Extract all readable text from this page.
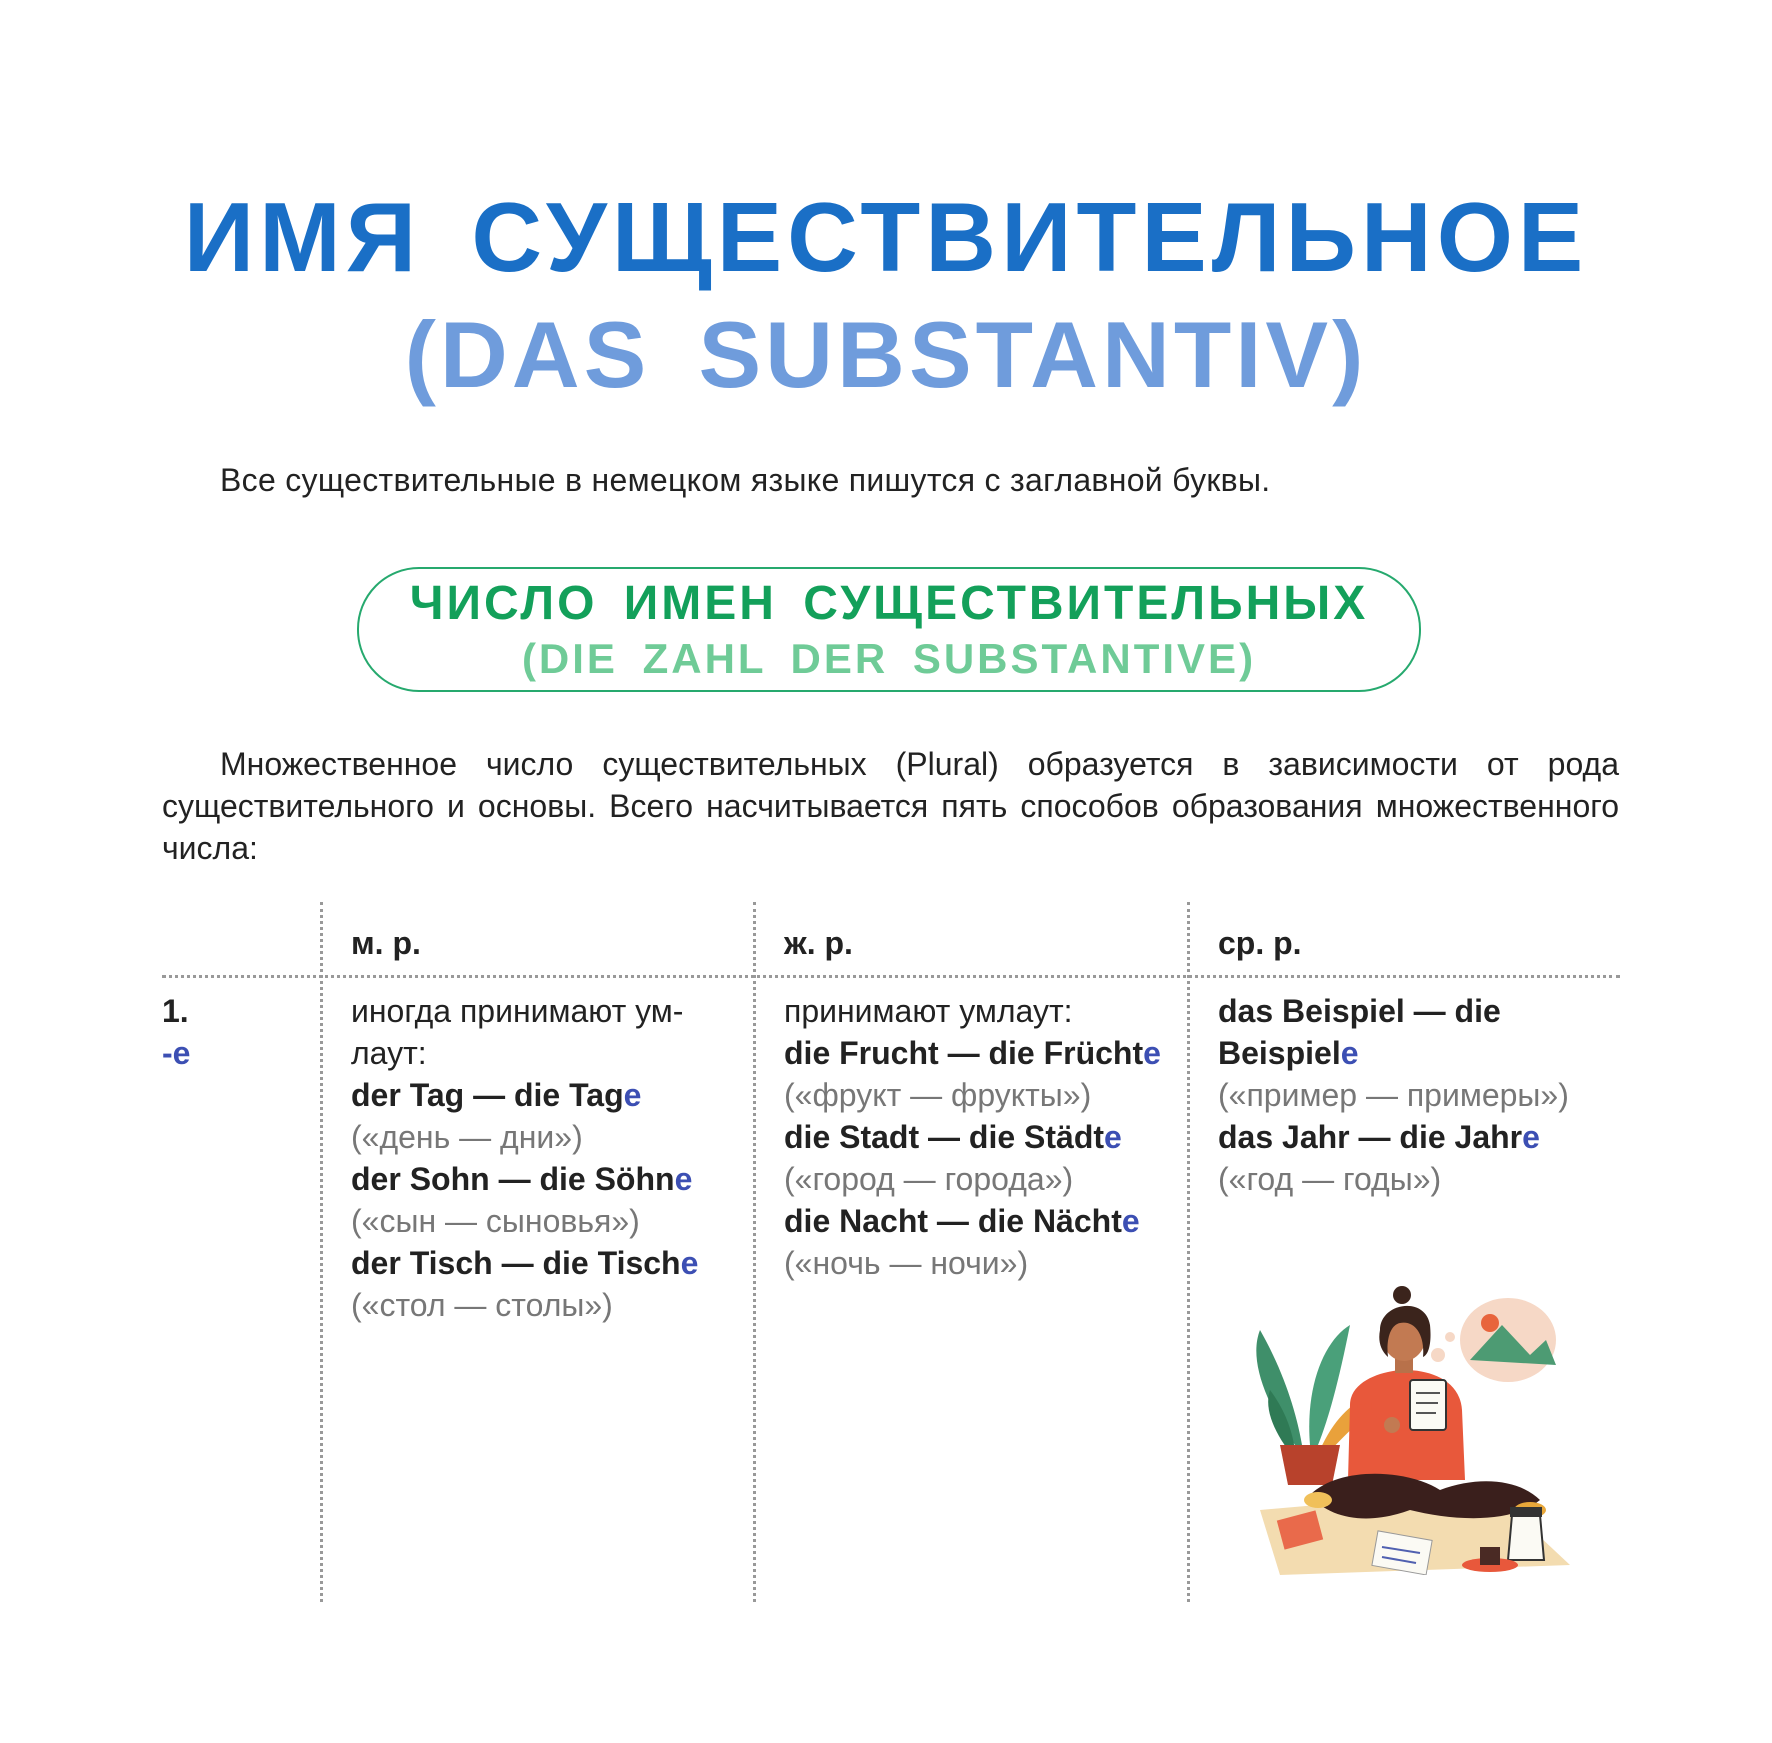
ИМЯ СУЩЕСТВИТЕЛЬНОЕ
(DAS SUBSTANTIV)
Все существительные в немецком языке пишутся с заглавной буквы.
ЧИСЛО ИМЕН СУЩЕСТВИТЕЛЬНЫХ
(DIE ZAHL DER SUBSTANTIVE)
Множественное число существительных (Plural) образуется в зависимости от рода существительного и основы. Всего насчитывается пять способов образования множественного числа:
м. р.	ж. р.	ср. р.
1.
-e
иногда принимают ум-лаут:
der Tag — die Tage
(«день — дни»)
der Sohn — die Söhne
(«сын — сыновья»)
der Tisch — die Tische
(«стол — столы»)
принимают умлаут:
die Frucht — die Früchte
(«фрукт — фрукты»)
die Stadt — die Städte
(«город — города»)
die Nacht — die Nächte
(«ночь — ночи»)
das Beispiel — die Beispiele
(«пример — примеры»)
das Jahr — die Jahre
(«год — годы»)
